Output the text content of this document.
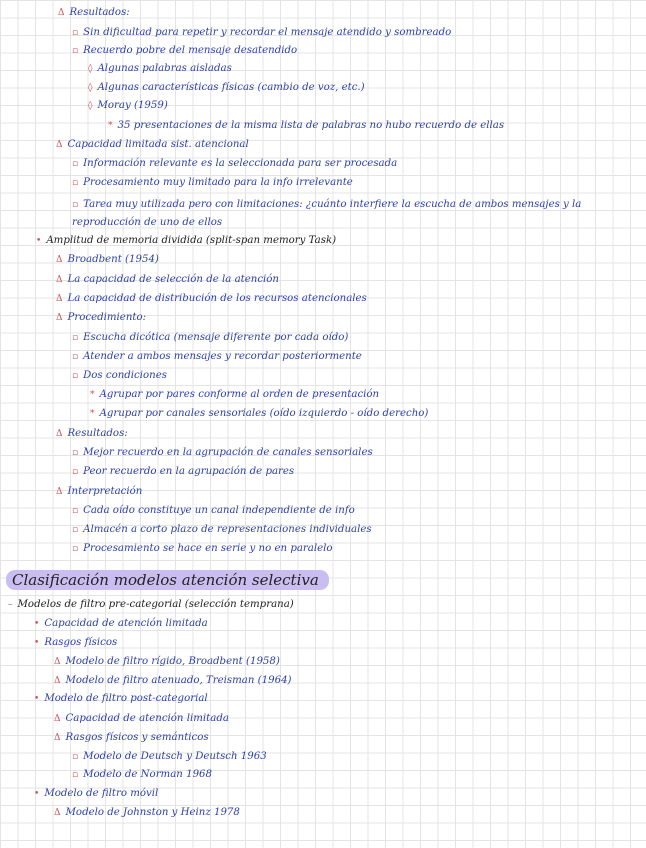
Δ Resultados:
▫ Sin dificultad para repetir y recordar el mensaje atendido y sombreado
▫ Recuerdo pobre del mensaje desatendido
◊ Algunas palabras aisladas
◊ Algunas características físicas (cambio de voz, etc.)
◊ Moray (1959)
* 35 presentaciones de la misma lista de palabras no hubo recuerdo de ellas
Δ Capacidad limitada sist. atencional
▫ Información relevante es la seleccionada para ser procesada
▫ Procesamiento muy limitado para la info irrelevante
▫ Tarea muy utilizada pero con limitaciones: ¿cuánto interfiere la escucha de ambos mensajes y la reproducción de uno de ellos
• Amplitud de memoria dividida (split-span memory Task)
Δ Broadbent (1954)
Δ La capacidad de selección de la atención
Δ La capacidad de distribución de los recursos atencionales
Δ Procedimiento:
▫ Escucha dicótica (mensaje diferente por cada oído)
▫ Atender a ambos mensajes y recordar posteriormente
▫ Dos condiciones
* Agrupar por pares conforme al orden de presentación
* Agrupar por canales sensoriales (oído izquierdo - oído derecho)
Δ Resultados:
▫ Mejor recuerdo en la agrupación de canales sensoriales
▫ Peor recuerdo en la agrupación de pares
Δ Interpretación
▫ Cada oído constituye un canal independiente de info
▫ Almacén a corto plazo de representaciones individuales
▫ Procesamiento se hace en serie y no en paralelo
Clasificación modelos atención selectiva
– Modelos de filtro pre-categorial (selección temprana)
• Capacidad de atención limitada
• Rasgos físicos
Δ Modelo de filtro rígido, Broadbent (1958)
Δ Modelo de filtro atenuado, Treisman (1964)
• Modelo de filtro post-categorial
Δ Capacidad de atención limitada
Δ Rasgos físicos y semánticos
▫ Modelo de Deutsch y Deutsch 1963
▫ Modelo de Norman 1968
• Modelo de filtro móvil
Δ Modelo de Johnston y Heinz 1978
